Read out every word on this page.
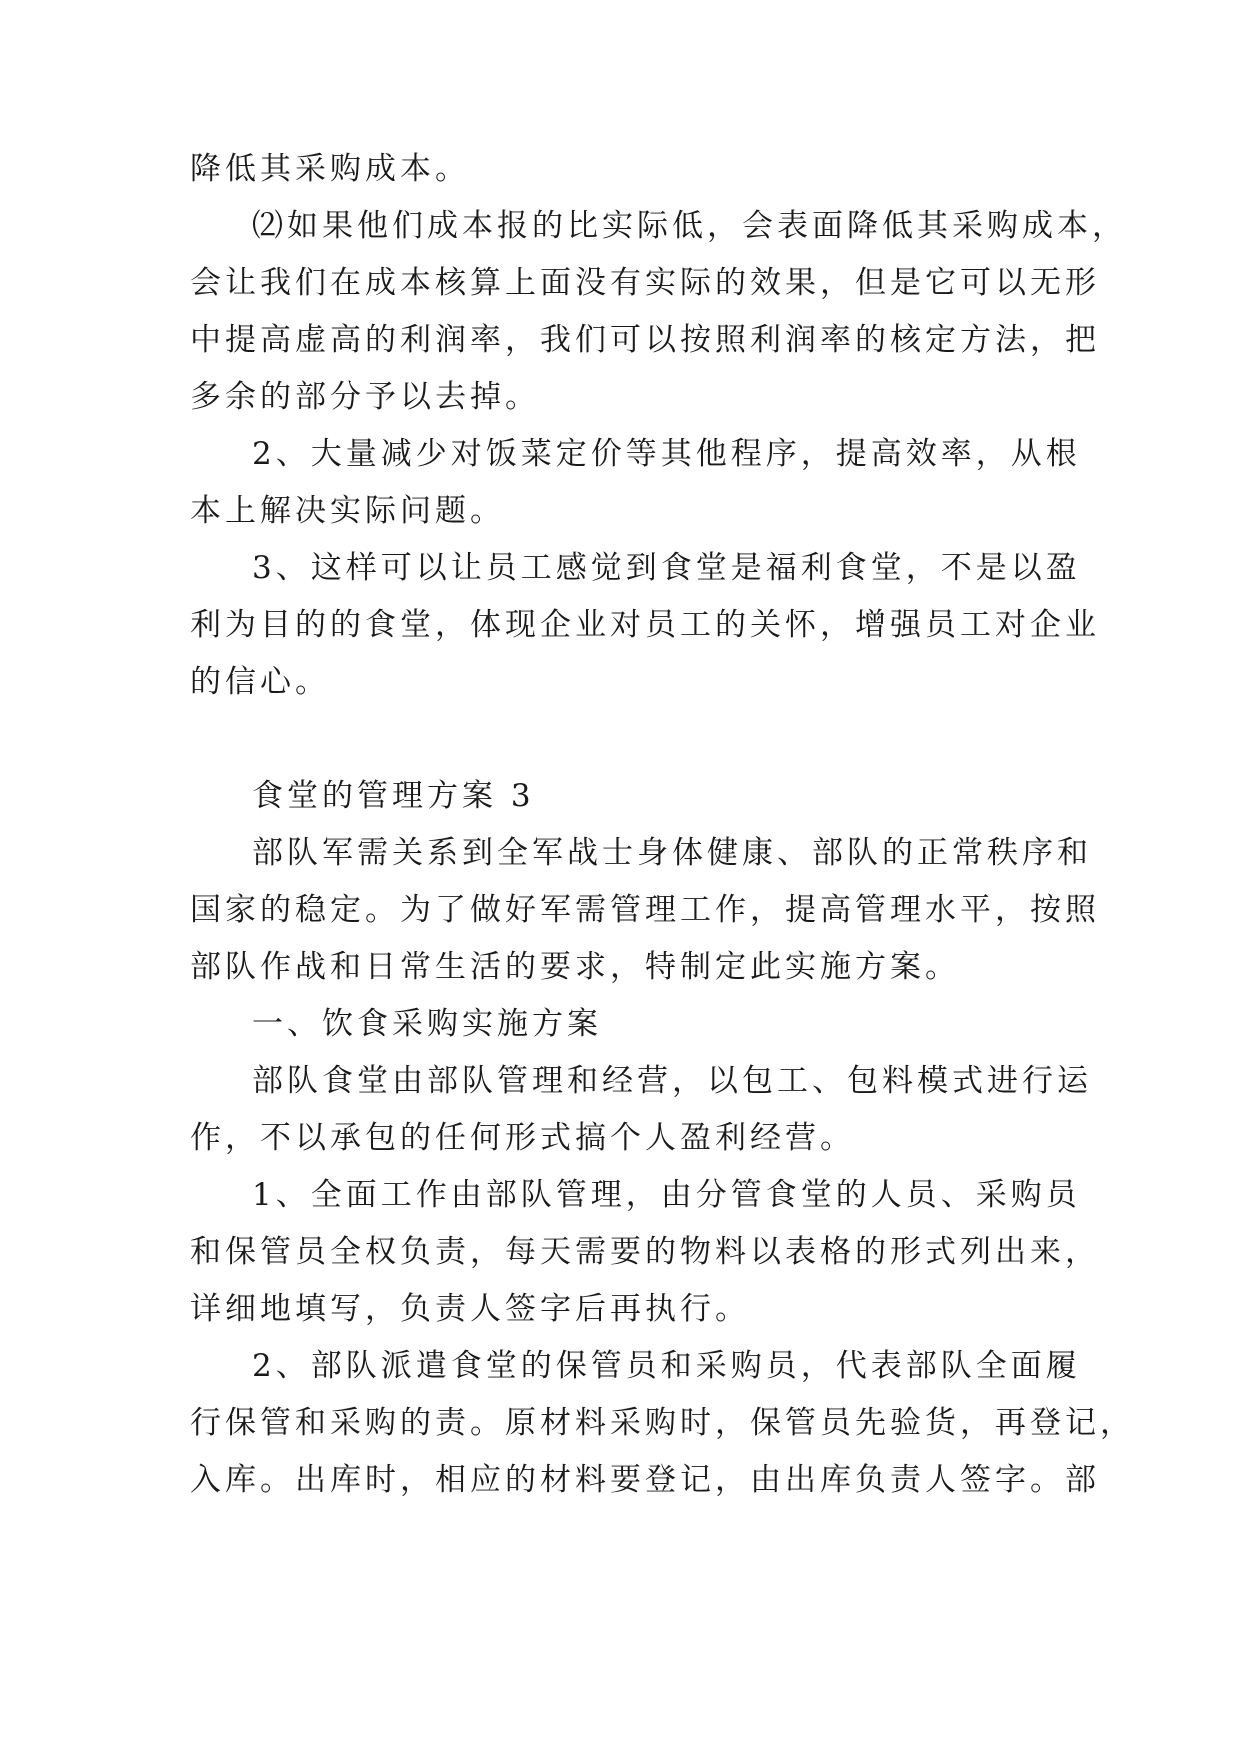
降低其采购成本。
⑵如果他们成本报的比实际低，会表面降低其采购成本，
会让我们在成本核算上面没有实际的效果，但是它可以无形
中提高虚高的利润率，我们可以按照利润率的核定方法，把
多余的部分予以去掉。
2、大量减少对饭菜定价等其他程序，提高效率，从根
本上解决实际问题。
3、这样可以让员工感觉到食堂是福利食堂，不是以盈
利为目的的食堂，体现企业对员工的关怀，增强员工对企业
的信心。
食堂的管理方案 3
部队军需关系到全军战士身体健康、部队的正常秩序和
国家的稳定。为了做好军需管理工作，提高管理水平，按照
部队作战和日常生活的要求，特制定此实施方案。
一、饮食采购实施方案
部队食堂由部队管理和经营，以包工、包料模式进行运
作，不以承包的任何形式搞个人盈利经营。
1、全面工作由部队管理，由分管食堂的人员、采购员
和保管员全权负责，每天需要的物料以表格的形式列出来，
详细地填写，负责人签字后再执行。
2、部队派遣食堂的保管员和采购员，代表部队全面履
行保管和采购的责。原材料采购时，保管员先验货，再登记，
入库。出库时，相应的材料要登记，由出库负责人签字。部
